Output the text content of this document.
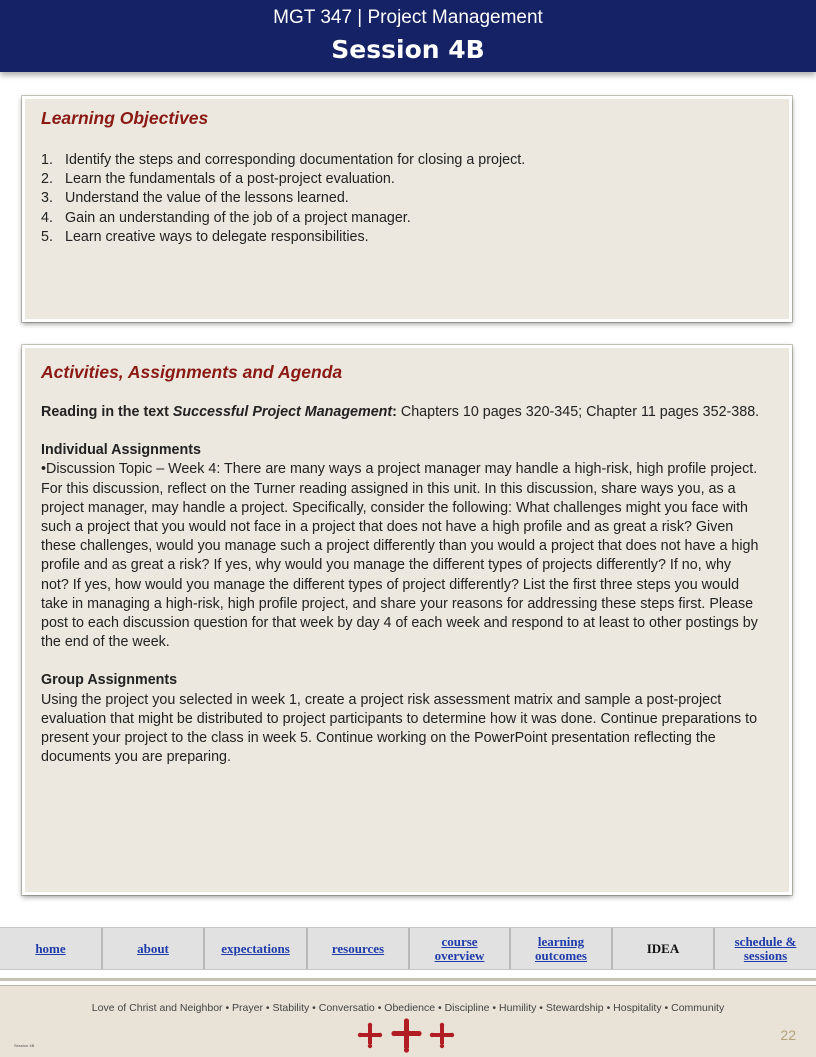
MGT 347 | Project Management
Session 4B
Learning Objectives
1. Identify the steps and corresponding documentation for closing a project.
2. Learn the fundamentals of a post-project evaluation.
3. Understand the value of the lessons learned.
4. Gain an understanding of the job of a project manager.
5. Learn creative ways to delegate responsibilities.
Activities, Assignments and Agenda

Reading in the text Successful Project Management: Chapters 10 pages 320-345; Chapter 11 pages 352-388.

Individual Assignments

•Discussion Topic – Week 4: There are many ways a project manager may handle a high-risk, high profile project. For this discussion, reflect on the Turner reading assigned in this unit. In this discussion, share ways you, as a project manager, may handle a project. Specifically, consider the following: What challenges might you face with such a project that you would not face in a project that does not have a high profile and as great a risk? Given these challenges, would you manage such a project differently than you would a project that does not have a high profile and as great a risk? If yes, why would you manage the different types of projects differently? If no, why not? If yes, how would you manage the different types of project differently? List the first three steps you would take in managing a high-risk, high profile project, and share your reasons for addressing these steps first. Please post to each discussion question for that week by day 4 of each week and respond to at least to other postings by the end of the week.

Group Assignments

Using the project you selected in week 1, create a project risk assessment matrix and sample a post-project evaluation that might be distributed to project participants to determine how it was done. Continue preparations to present your project to the class in week 5. Continue working on the PowerPoint presentation reflecting the documents you are preparing.

home	about	expectations	resources	course overview
learning outcomes	IDEA	schedule & sessions
Love of Christ and Neighbor • Prayer • Stability • Conversatio • Obedience • Discipline • Humility • Stewardship • Hospitality • Community
22
Session 4B
